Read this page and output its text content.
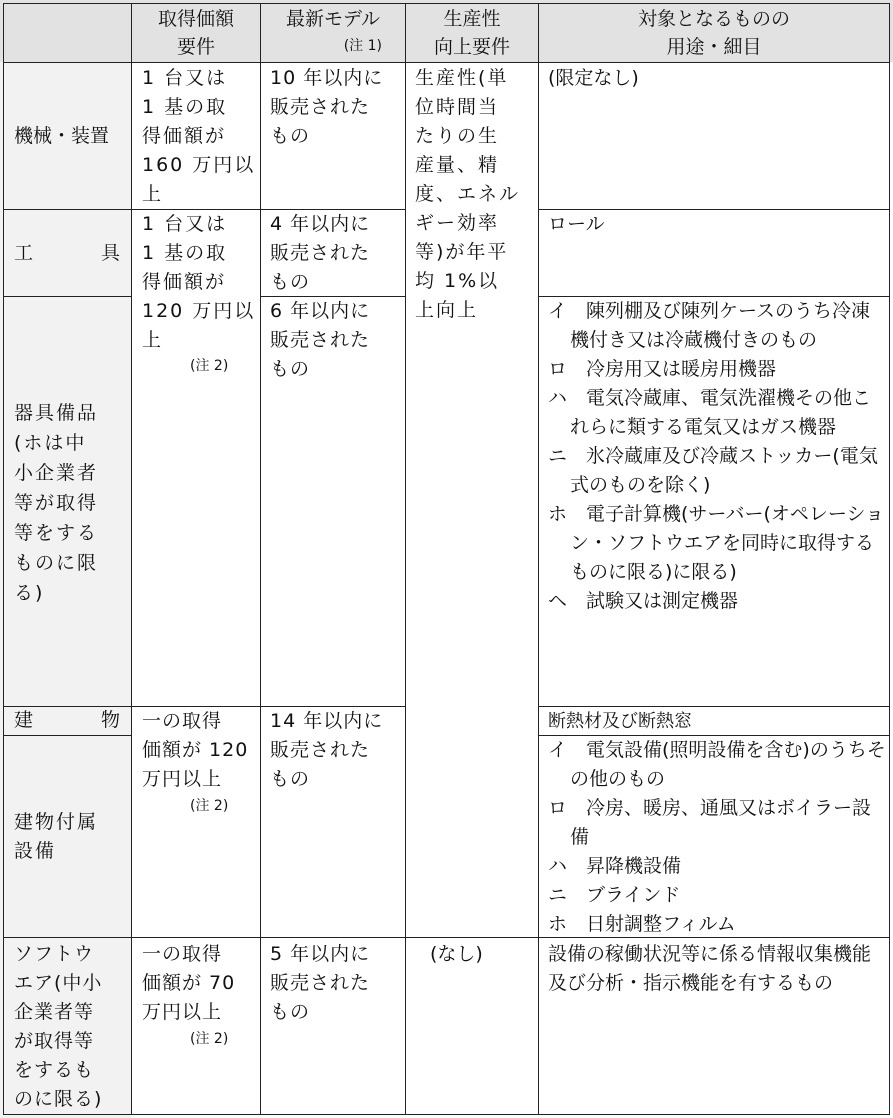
取得価額
要件
最新モデル
(注 1)
生産性
向上要件
対象となるものの
用途・細目
機械・装置
工　　　具
器具備品
(ホは中
小企業者
等が取得
等をする
ものに限
る)
建　　　物
建物付属
設備
ソフトウ
エア(中小
企業者等
が取得等
をするも
のに限る)
1 台又は
1 基の取
得価額が
160 万円以
上
1 台又は
1 基の取
得価額が
120 万円以
上
(注 2)
一の取得
価額が 120
万円以上
(注 2)
一の取得
価額が 70
万円以上
(注 2)
10 年以内に
販売された
もの
4 年以内に
販売された
もの
6 年以内に
販売された
もの
14 年以内に
販売された
もの
5 年以内に
販売された
もの
生産性(単
位時間当
たりの生
産量、精
度、エネル
ギー効率
等)が年平
均 1%以
上向上
(なし)
(限定なし)
ロール
イ　陳列棚及び陳列ケースのうち冷凍機付き又は冷蔵機付きのもの
ロ　冷房用又は暖房用機器
ハ　電気冷蔵庫、電気洗濯機その他これらに類する電気又はガス機器
ニ　氷冷蔵庫及び冷蔵ストッカー(電気式のものを除く)
ホ　電子計算機(サーバー(オペレーション・ソフトウエアを同時に取得するものに限る)に限る)
ヘ　試験又は測定機器
断熱材及び断熱窓
イ　電気設備(照明設備を含む)のうちその他のもの
ロ　冷房、暖房、通風又はボイラー設備
ハ　昇降機設備
ニ　ブラインド
ホ　日射調整フィルム
設備の稼働状況等に係る情報収集機能及び分析・指示機能を有するもの
